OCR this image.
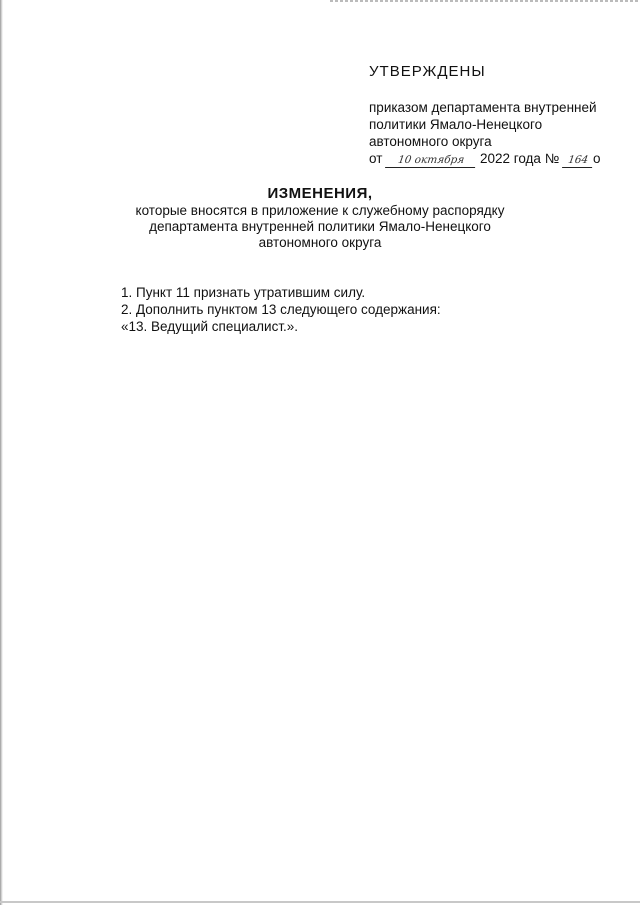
УТВЕРЖДЕНЫ
приказом департамента внутренней
политики Ямало-Ненецкого
автономного округа
от 10 октября 2022 года № 164 о
ИЗМЕНЕНИЯ,
которые вносятся в приложение к служебному распорядку
департамента внутренней политики Ямало-Ненецкого
автономного округа
1. Пункт 11 признать утратившим силу.
2. Дополнить пунктом 13 следующего содержания:
«13. Ведущий специалист.».
